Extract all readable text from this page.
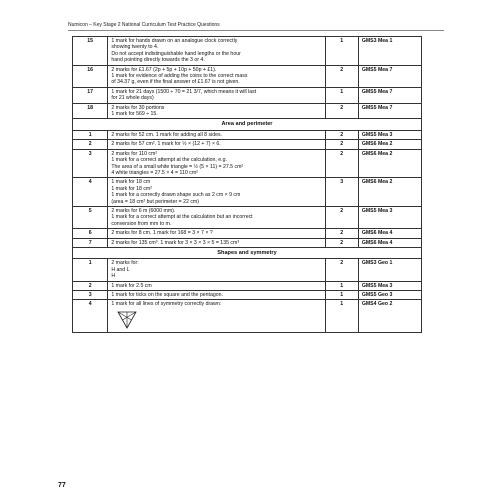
Numicon – Key Stage 2 National Curriculum Test Practice Questions
15	1 mark for hands drawn on an analogue clock correctly
showing twenty to 4.
Do not accept indistinguishable hand lengths or the hour
hand pointing directly towards the 3 or 4.	1	GMS3 Mea 1
16	2 marks for £1.67 (2p + 5p + 10p + 50p + £1).
1 mark for evidence of adding the coins to the correct mass
of 34.37 g, even if the final answer of £1.67 is not given.	2	GMS5 Mea 7
17	1 mark for 21 days (1500 ÷ 70 = 21 3/7, which means it will last
for 21 whole days)	1	GMS5 Mea 7
18	2 marks for 30 portions
1 mark for 569 ÷ 15.	2	GMS5 Mea 7
Area and perimeter			
1	2 marks for 52 cm. 1 mark for adding all 8 sides.	2	GMS5 Mea 3
2	2 marks for 57 cm². 1 mark for ½ × (12 + 7) × 6.	2	GMS6 Mea 2
3	2 marks for 110 cm²
1 mark for a correct attempt at the calculation, e.g.
The area of a small white triangle = ½ (5 × 11) = 27.5 cm²
4 white triangles = 27.5 × 4 = 110 cm²	2	GMS6 Mea 2
4	1 mark for 18 cm
1 mark for 18 cm²
1 mark for a correctly drawn shape such as 2 cm × 9 cm
(area = 18 cm² but perimeter = 22 cm)	3	GMS6 Mea 2
5	2 marks for 6 m (6000 mm).
1 mark for a correct attempt at the calculation but an incorrect
conversion from mm to m.	2	GMS5 Mea 3
6	2 marks for 8 cm. 1 mark for 168 = 3 × 7 × ?	2	GMS6 Mea 4
7	2 marks for 135 cm³. 1 mark for 3 × 3 × 3 × 5 = 135 cm³	2	GMS6 Mea 4
Shapes and symmetry			
1	2 marks for:
H and L
H	2	GMS3 Geo 1
2	1 mark for 2.5 cm	1	GMS5 Mea 3
3	1 mark for ticks on the square and the pentagon.	1	GMS5 Geo 3
4	1 mark for all lines of symmetry correctly drawn:	1	GMS4 Geo 2
77
